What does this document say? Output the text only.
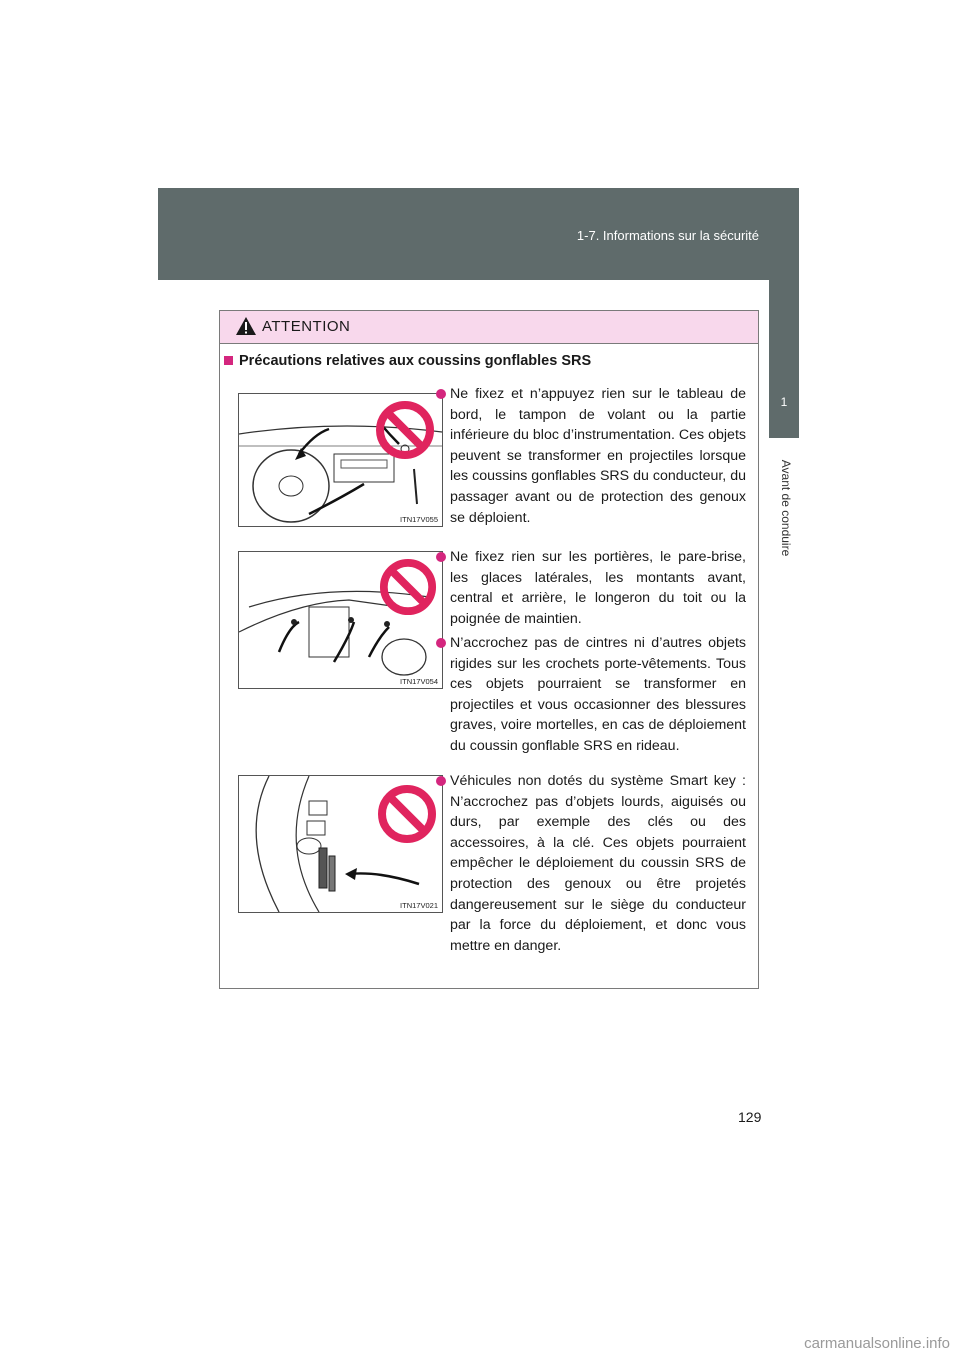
1-7. Informations sur la sécurité
1
Avant de conduire
ATTENTION
Précautions relatives aux coussins gonflables SRS
ITN17V055
ITN17V054
ITN17V021
Ne fixez et n’appuyez rien sur le tableau de bord, le tampon de volant ou la partie inférieure du bloc d’instrumentation. Ces objets peuvent se transformer en projectiles lorsque les coussins gonflables SRS du conducteur, du passager avant ou de protection des genoux se déploient.
Ne fixez rien sur les portières, le pare-brise, les glaces latérales, les montants avant, central et arrière, le longeron du toit ou la poignée de maintien.
N’accrochez pas de cintres ni d’autres objets rigides sur les crochets porte-vêtements. Tous ces objets pourraient se transformer en projectiles et vous occasionner des blessures graves, voire mortelles, en cas de déploiement du coussin gonflable SRS en rideau.
Véhicules non dotés du système Smart key : N’accrochez pas d’objets lourds, aiguisés ou durs, par exemple des clés ou des accessoires, à la clé. Ces objets pourraient empêcher le déploiement du coussin SRS de protection des genoux ou être projetés dangereusement sur le siège du conducteur par la force du déploiement, et donc vous mettre en danger.
129
carmanualsonline.info
